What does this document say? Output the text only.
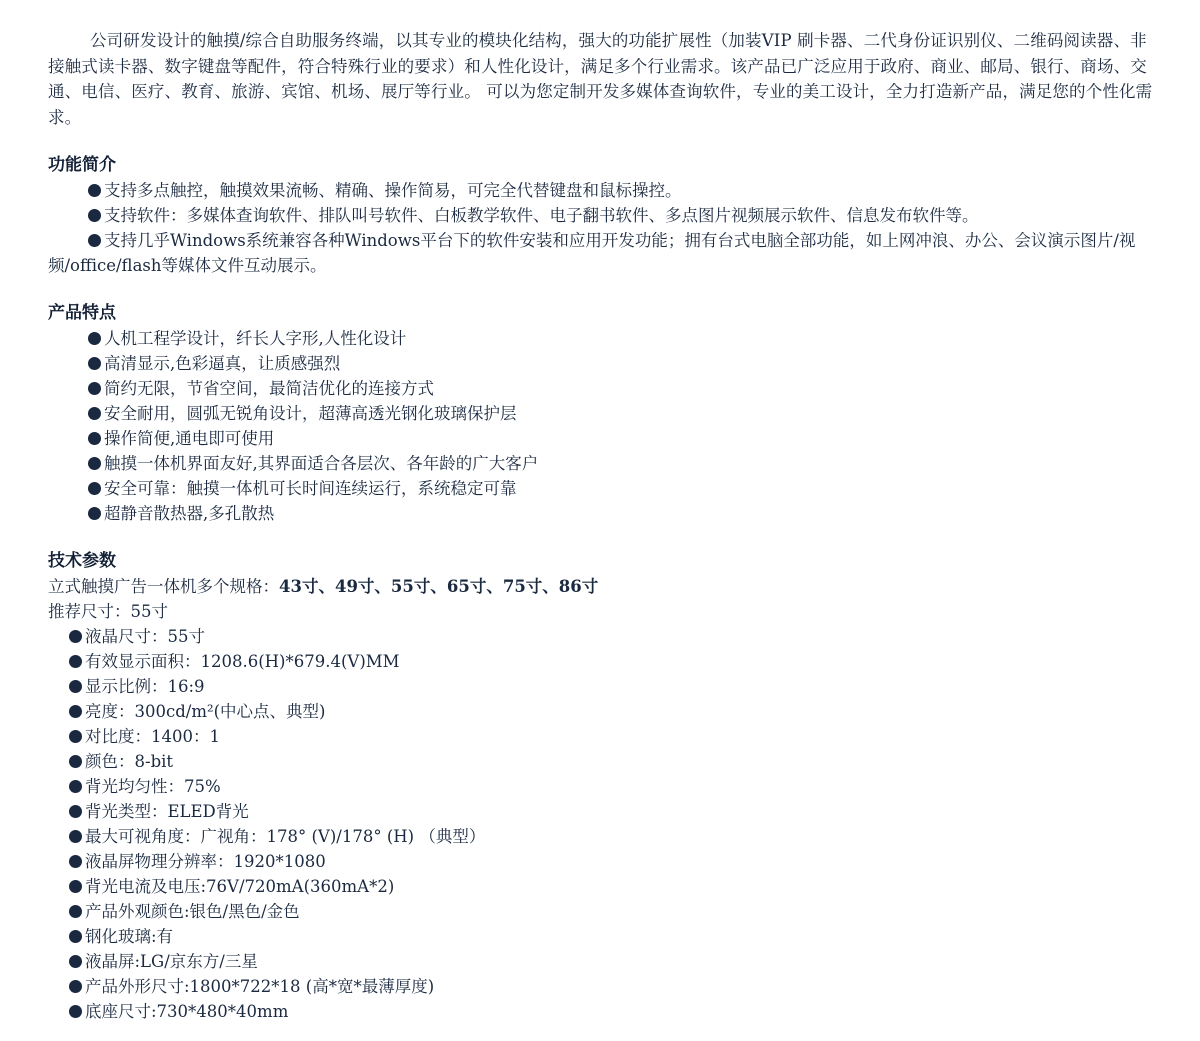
公司研发设计的触摸/综合自助服务终端，以其专业的模块化结构，强大的功能扩展性（加装VIP 刷卡器、二代身份证识别仪、二维码阅读器、非接触式读卡器、数字键盘等配件，符合特殊行业的要求）和人性化设计，满足多个行业需求。该产品已广泛应用于政府、商业、邮局、银行、商场、交通、电信、医疗、教育、旅游、宾馆、机场、展厅等行业。 可以为您定制开发多媒体查询软件，专业的美工设计，全力打造新产品，满足您的个性化需求。

功能简介
支持多点触控，触摸效果流畅、精确、操作简易，可完全代替键盘和鼠标操控。
支持软件：多媒体查询软件、排队叫号软件、白板教学软件、电子翻书软件、多点图片视频展示软件、信息发布软件等。
支持几乎Windows系统兼容各种Windows平台下的软件安装和应用开发功能；拥有台式电脑全部功能，如上网冲浪、办公、会议演示图片/视频/office/flash等媒体文件互动展示。
产品特点
人机工程学设计，纤长人字形,人性化设计
高清显示,色彩逼真，让质感强烈
简约无限，节省空间，最简洁优化的连接方式
安全耐用，圆弧无锐角设计，超薄高透光钢化玻璃保护层
操作简便,通电即可使用
触摸一体机界面友好,其界面适合各层次、各年龄的广大客户
安全可靠：触摸一体机可长时间连续运行，系统稳定可靠
超静音散热器,多孔散热
技术参数

立式触摸广告一体机多个规格：43寸、49寸、55寸、65寸、75寸、86寸

推荐尺寸：55寸

液晶尺寸：55寸
有效显示面积：1208.6(H)*679.4(V)MM
显示比例：16:9
亮度：300cd/m²(中心点、典型)
对比度：1400：1
颜色：8-bit
背光均匀性：75%
背光类型：ELED背光
最大可视角度：广视角：178° (V)/178° (H) （典型）
液晶屏物理分辨率：1920*1080
背光电流及电压:76V/720mA(360mA*2)
产品外观颜色:银色/黑色/金色
钢化玻璃:有
液晶屏:LG/京东方/三星
产品外形尺寸:1800*722*18 (高*宽*最薄厚度)
底座尺寸:730*480*40mm
